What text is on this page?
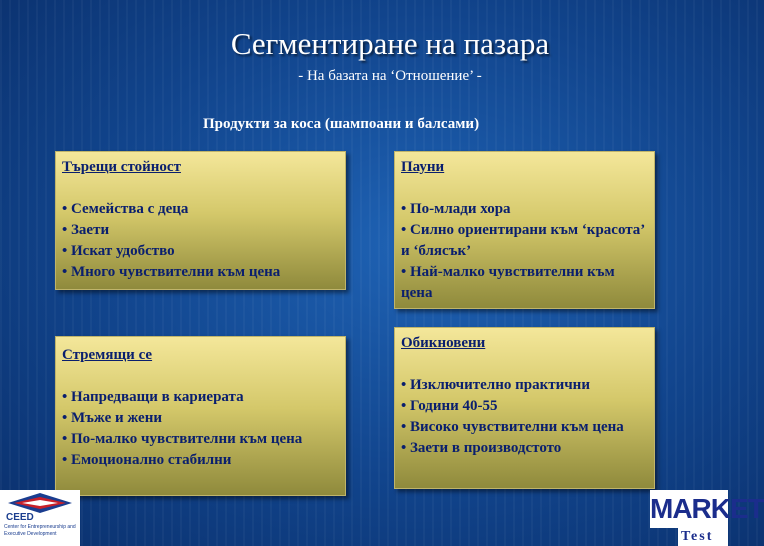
Сегментиране на пазара
- На базата на ‘Отношение’ -
Продукти за коса (шампоани и балсами)
Търещи стойност
• Семейства с деца
• Заети
• Искат удобство
• Много чувствителни към цена
Пауни
• По-млади хора
• Силно ориентирани към ‘красота’ и ‘блясък’
• Най-малко чувствителни към цена
Стремящи се
• Напредващи в кариерата
• Мъже и жени
• По-малко чувствителни към цена
• Емоционално стабилни
Обикновени
• Изключително практични
• Години 40-55
• Високо чувствителни към цена
• Заети в производстото
CEED
Center for Entrepreneurship and Executive Development
MARKET
Test
